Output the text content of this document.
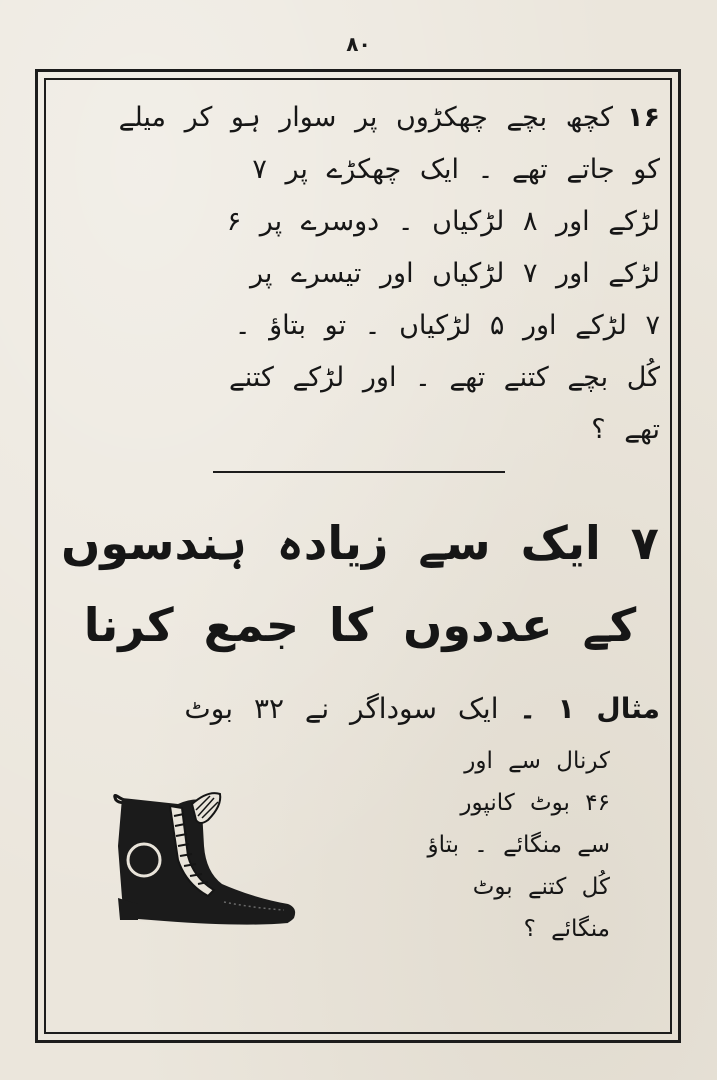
۸۰
۱۶کچھ بچے چھکڑوں پر سوار ہو کر میلے
کو جاتے تھے ۔ ایک چھکڑے پر ۷
لڑکے اور ۸ لڑکیاں ۔ دوسرے پر ۶
لڑکے اور ۷ لڑکیاں اور تیسرے پر
۷ لڑکے اور ۵ لڑکیاں ۔ تو بتاؤ ۔
کُل بچے کتنے تھے ۔ اور لڑکے کتنے
تھے ؟
۷ ایک سے زیادہ ہندسوں
کے عددوں کا جمع کرنا
مثال ۱ ۔ ایک سوداگر نے ۳۲ بوٹ
کرنال سے اور
۴۶ بوٹ کانپور
سے منگائے ۔ بتاؤ
کُل کتنے بوٹ
منگائے ؟
